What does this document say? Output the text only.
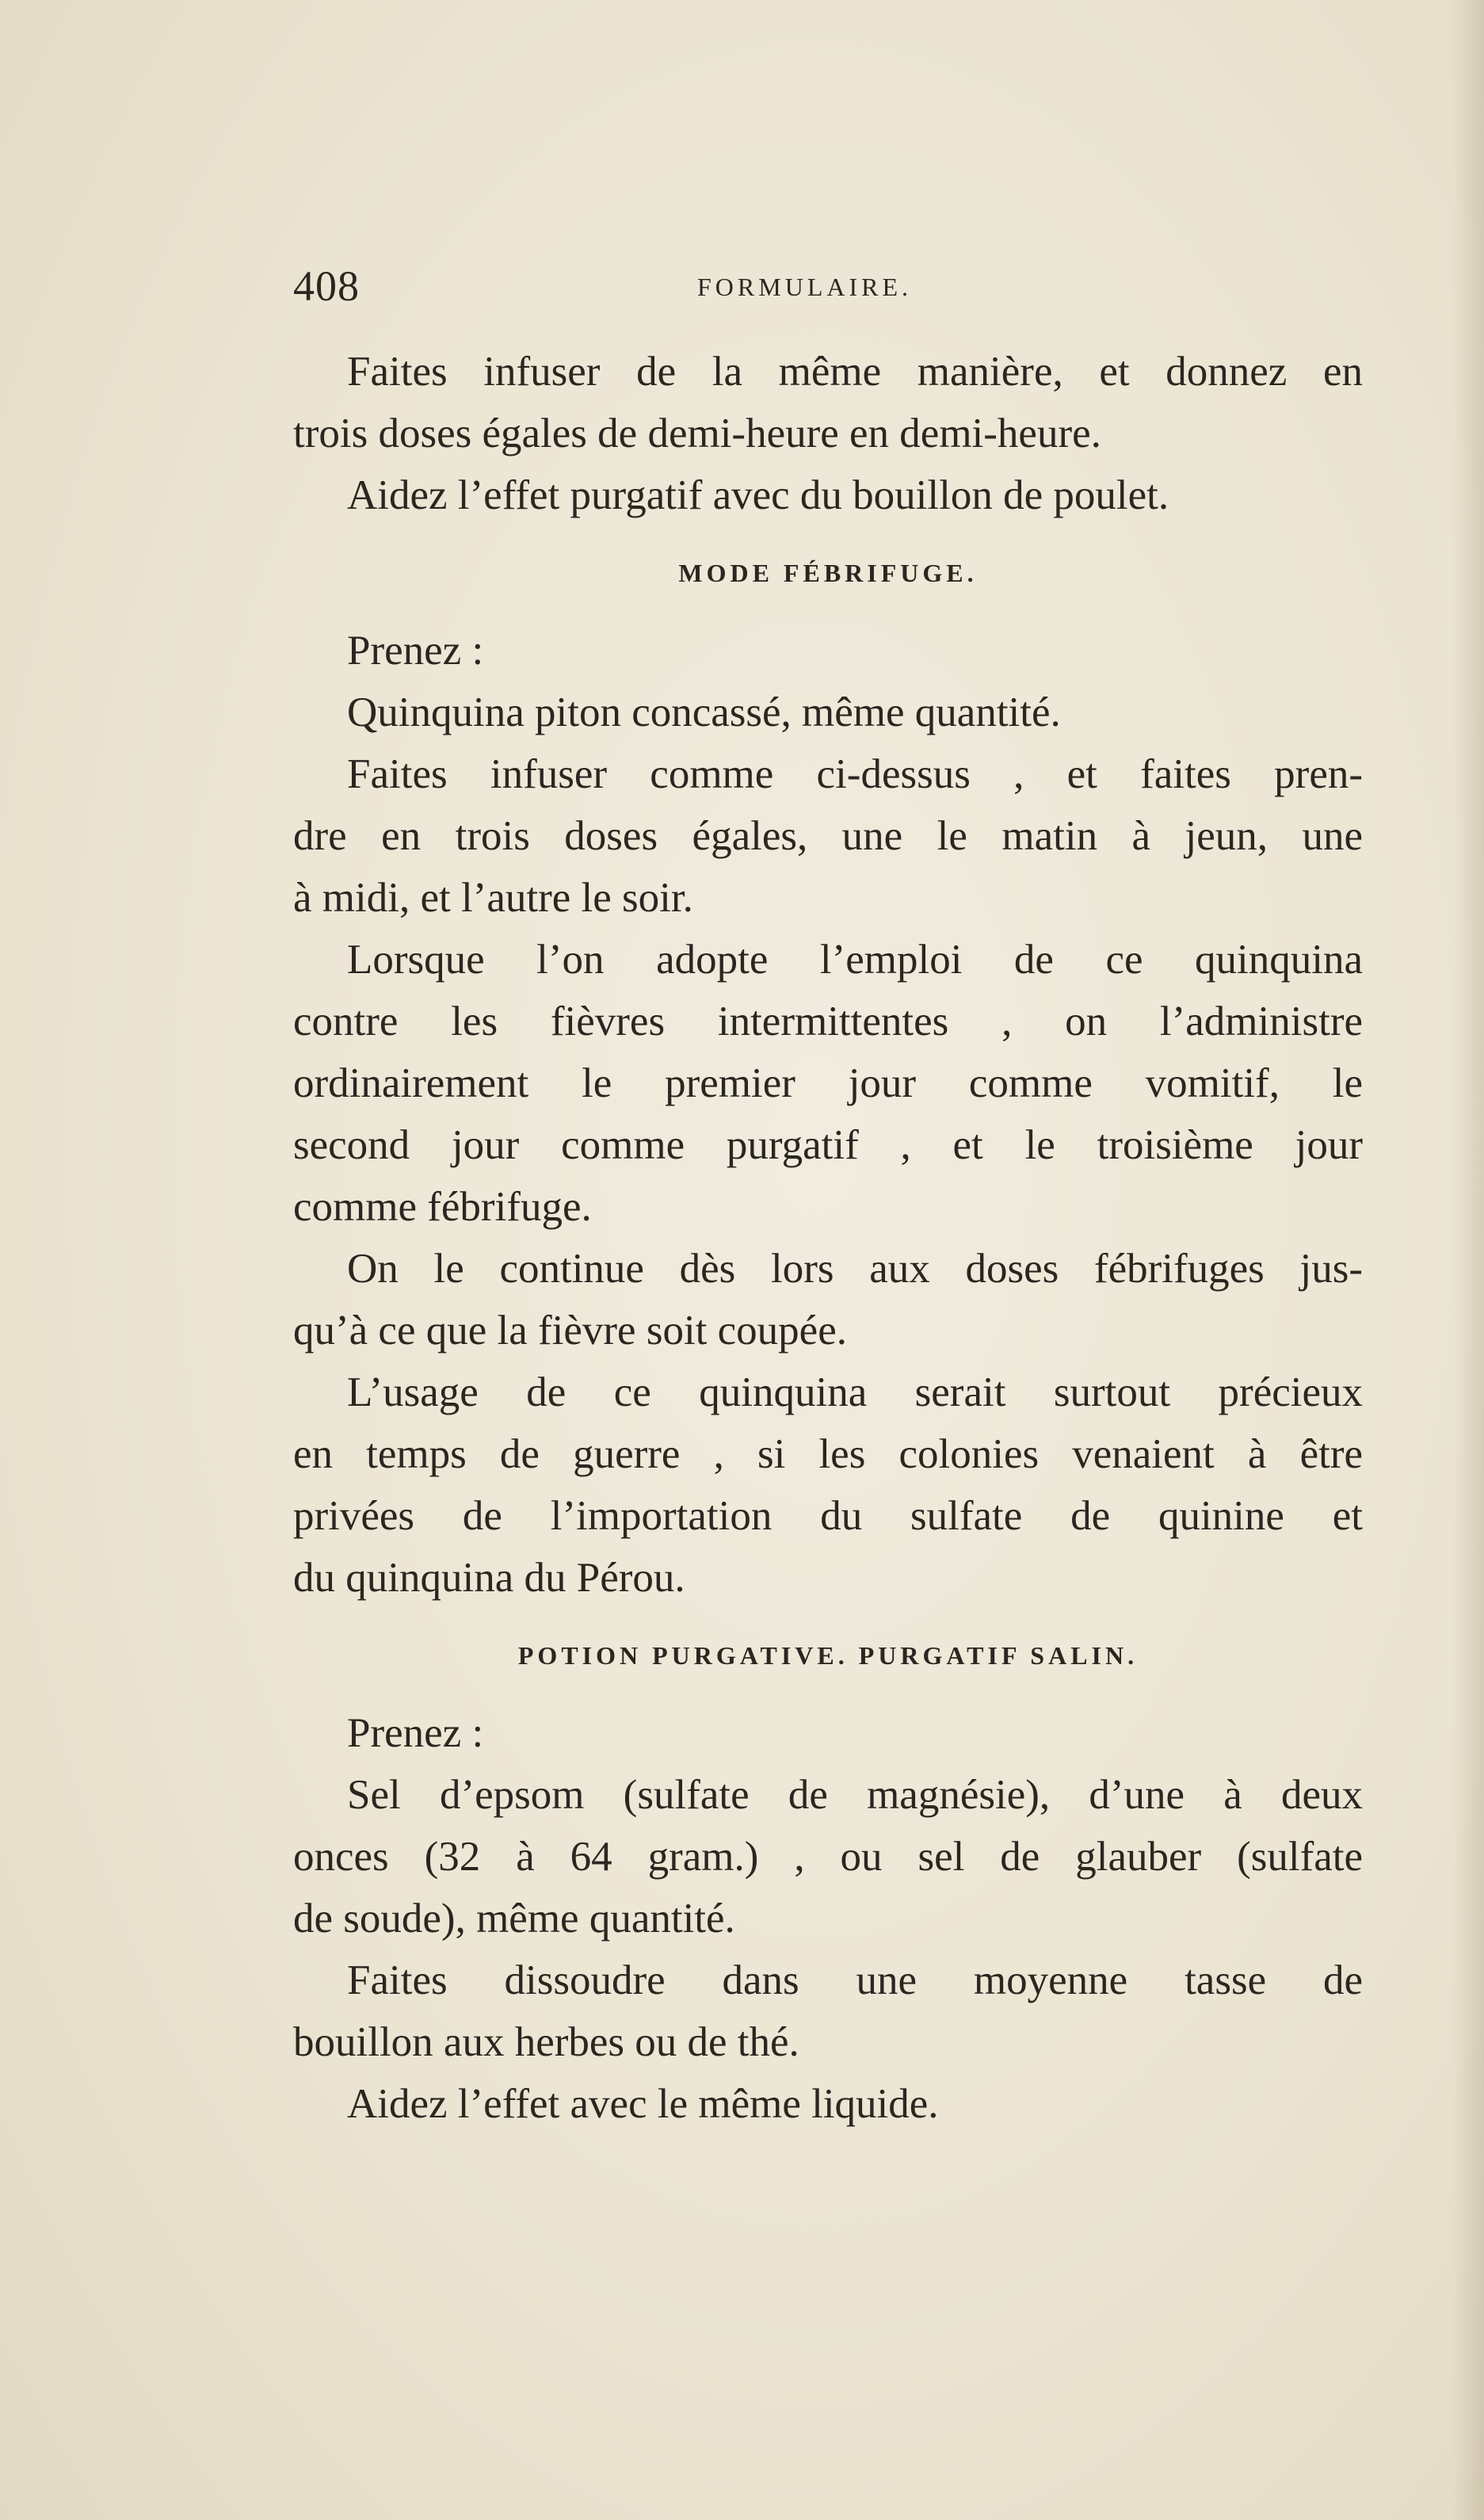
408	FORMULAIRE.
Faites infuser de la même manière, et donnez en
trois doses égales de demi-heure en demi-heure.
Aidez l’effet purgatif avec du bouillon de poulet.
MODE FÉBRIFUGE.
Prenez :
Quinquina piton concassé, même quantité.
Faites infuser comme ci-dessus , et faites pren-
dre en trois doses égales, une le matin à jeun, une
à midi, et l’autre le soir.
Lorsque l’on adopte l’emploi de ce quinquina
contre les fièvres intermittentes , on l’administre
ordinairement le premier jour comme vomitif, le
second jour comme purgatif , et le troisième jour
comme fébrifuge.
On le continue dès lors aux doses fébrifuges jus-
qu’à ce que la fièvre soit coupée.
L’usage de ce quinquina serait surtout précieux
en temps de guerre , si les colonies venaient à être
privées de l’importation du sulfate de quinine et
du quinquina du Pérou.
POTION PURGATIVE. PURGATIF SALIN.
Prenez :
Sel d’epsom (sulfate de magnésie), d’une à deux
onces (32 à 64 gram.) , ou sel de glauber (sulfate
de soude), même quantité.
Faites dissoudre dans une moyenne tasse de
bouillon aux herbes ou de thé.
Aidez l’effet avec le même liquide.
